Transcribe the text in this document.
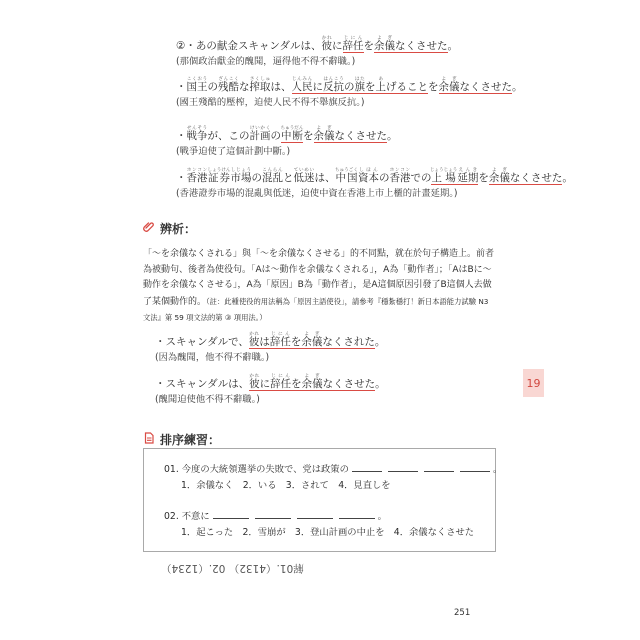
②・あの献金スキャンダルは、彼かれに辞任じにんを余儀よぎなくさせた。
(那個政治獻金的醜聞，逼得他不得不辭職。)
・国王こくおうの残酷ざんこくな搾取さくしゅは、人民じんみんに反抗はんこうの旗はたを上あげることを余儀よぎなくさせた。
(國王殘酷的壓榨，迫使人民不得不舉旗反抗。)
・戦争せんそうが、この計画けいかくの中断ちゅうだんを余儀よぎなくさせた。
(戰爭迫使了這個計劃中斷。)
・香港ホンコン証券しょうけん市場しじょうの混乱こんらんと低迷ていめいは、中国ちゅうごく資本しほんの香港ホンコンでの上場じょうじょう延期えんきを余儀よぎなくさせた。
(香港證券市場的混亂與低迷，迫使中資在香港上市上櫃的計畫延期。)
辨析：
「〜を余儀なくされる」與「〜を余儀なくさせる」的不同點，就在於句子構造上。前者為被動句、後者為使役句。「Aは〜動作を余儀なくされる」，A為「動作者」；「AはBに〜動作を余儀なくさせる」，A為「原因」B為「動作者」，是A這個原因引發了B這個人去做了某個動作的。（註：此種使役的用法稱為「原因主語使役」，請參考『穩紮穩打！新日本語能力試驗 N3 文法』第 59 項文法的第 ③ 項用法。）
・スキャンダルで、彼かれは辞任じにんを余儀よぎなくされた。
(因為醜聞，他不得不辭職。)
・スキャンダルは、彼かれに辞任じにんを余儀よぎなくさせた。
(醜聞迫使他不得不辭職。)
19
排序練習：
01. 今度の大統領選挙の失敗で、党は政策の	。
1．余儀なく　2．いる　3．されて　4．見直しを
02. 不意に	。
1．起こった　2．雪崩が　3．登山計画の中止を　4．余儀なくさせた
解01.（4132） 02.（1234）
251
